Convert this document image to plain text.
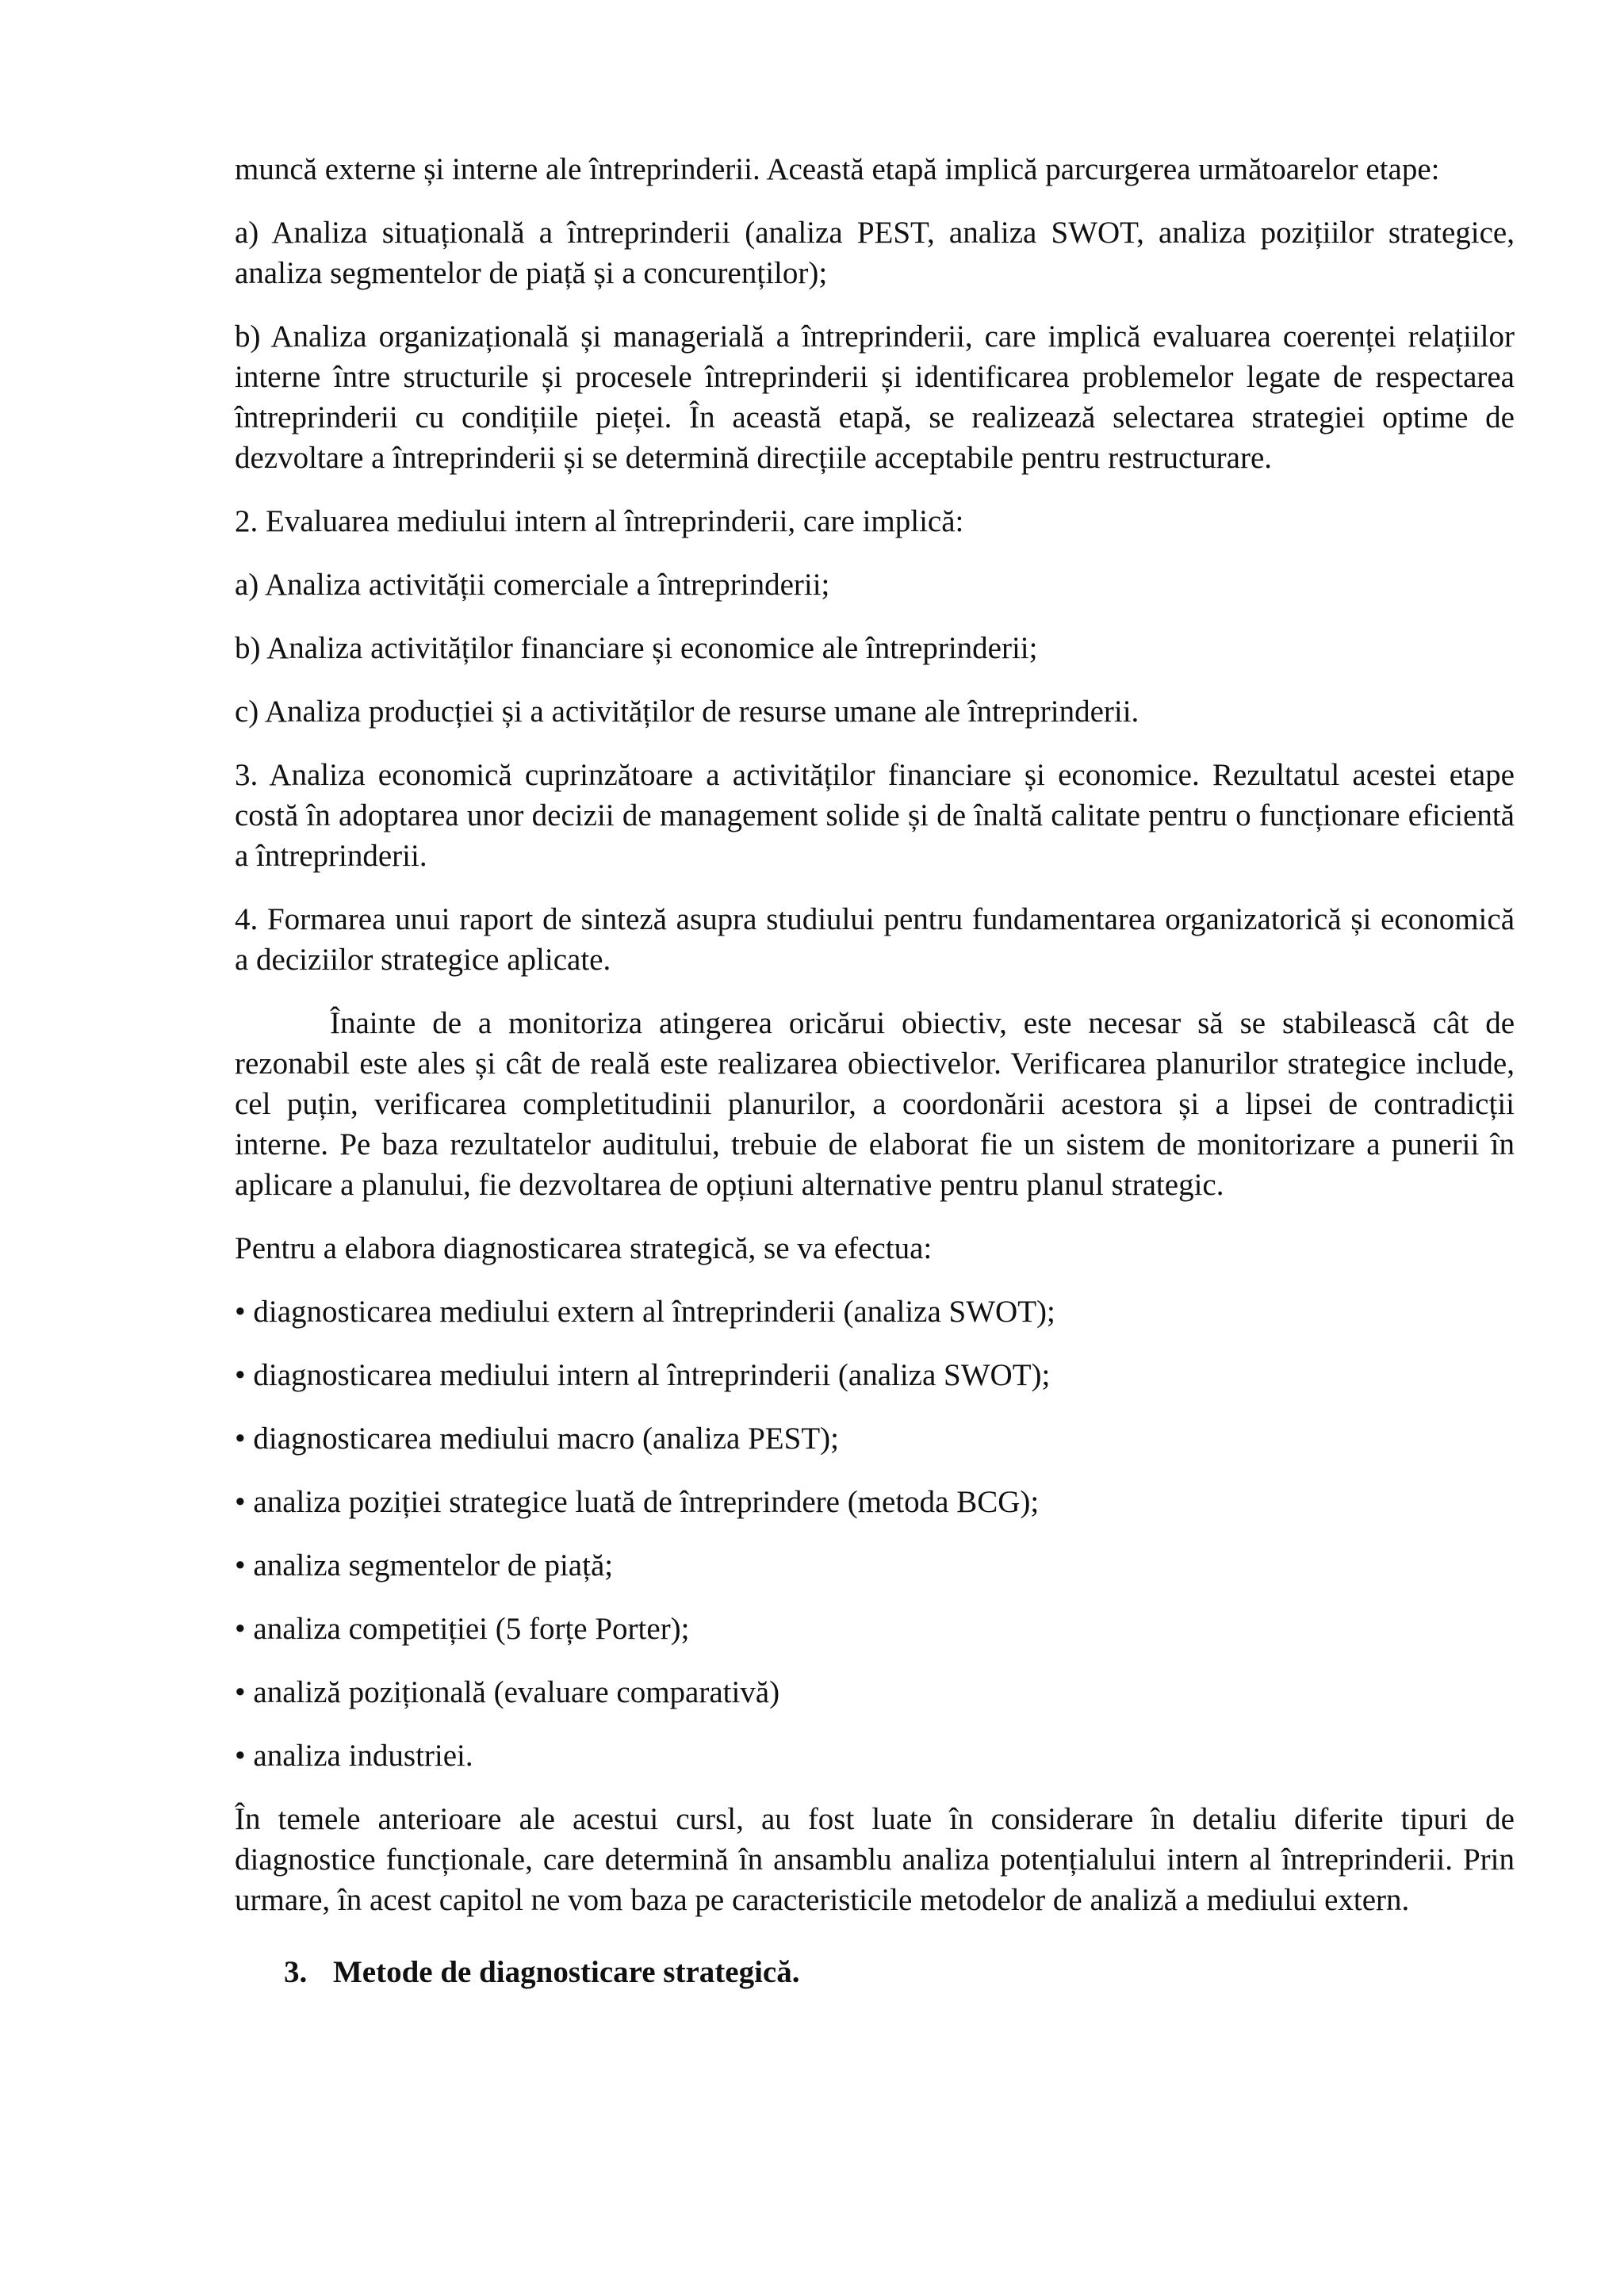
muncă externe și interne ale întreprinderii. Această etapă implică parcurgerea următoarelor etape:

a) Analiza situațională a întreprinderii (analiza PEST, analiza SWOT, analiza pozițiilor strategice, analiza segmentelor de piață și a concurenților);

b) Analiza organizațională și managerială a întreprinderii, care implică evaluarea coerenței relațiilor interne între structurile și procesele întreprinderii și identificarea problemelor legate de respectarea întreprinderii cu condițiile pieței. În această etapă, se realizează selectarea strategiei optime de dezvoltare a întreprinderii și se determină direcțiile acceptabile pentru restructurare.

2. Evaluarea mediului intern al întreprinderii, care implică:

a) Analiza activității comerciale a întreprinderii;

b) Analiza activităților financiare și economice ale întreprinderii;

c) Analiza producției și a activităților de resurse umane ale întreprinderii.

3. Analiza economică cuprinzătoare a activităților financiare și economice. Rezultatul acestei etape costă în adoptarea unor decizii de management solide și de înaltă calitate pentru o funcționare eficientă a întreprinderii.

4. Formarea unui raport de sinteză asupra studiului pentru fundamentarea organizatorică și economică a deciziilor strategice aplicate.

Înainte de a monitoriza atingerea oricărui obiectiv, este necesar să se stabilească cât de rezonabil este ales și cât de reală este realizarea obiectivelor. Verificarea planurilor strategice include, cel puțin, verificarea completitudinii planurilor, a coordonării acestora și a lipsei de contradicții interne. Pe baza rezultatelor auditului, trebuie de elaborat fie un sistem de monitorizare a punerii în aplicare a planului, fie dezvoltarea de opțiuni alternative pentru planul strategic.

Pentru a elabora diagnosticarea strategică, se va efectua:

• diagnosticarea mediului extern al întreprinderii (analiza SWOT);

• diagnosticarea mediului intern al întreprinderii (analiza SWOT);

• diagnosticarea mediului macro (analiza PEST);

• analiza poziției strategice luată de întreprindere (metoda BCG);

• analiza segmentelor de piață;

• analiza competiției (5 forțe Porter);

• analiză pozițională (evaluare comparativă)

• analiza industriei.

În temele anterioare ale acestui cursl, au fost luate în considerare în detaliu diferite tipuri de diagnostice funcționale, care determină în ansamblu analiza potențialului intern al întreprinderii. Prin urmare, în acest capitol ne vom baza pe caracteristicile metodelor de analiză a mediului extern.

3. Metode de diagnosticare strategică.
